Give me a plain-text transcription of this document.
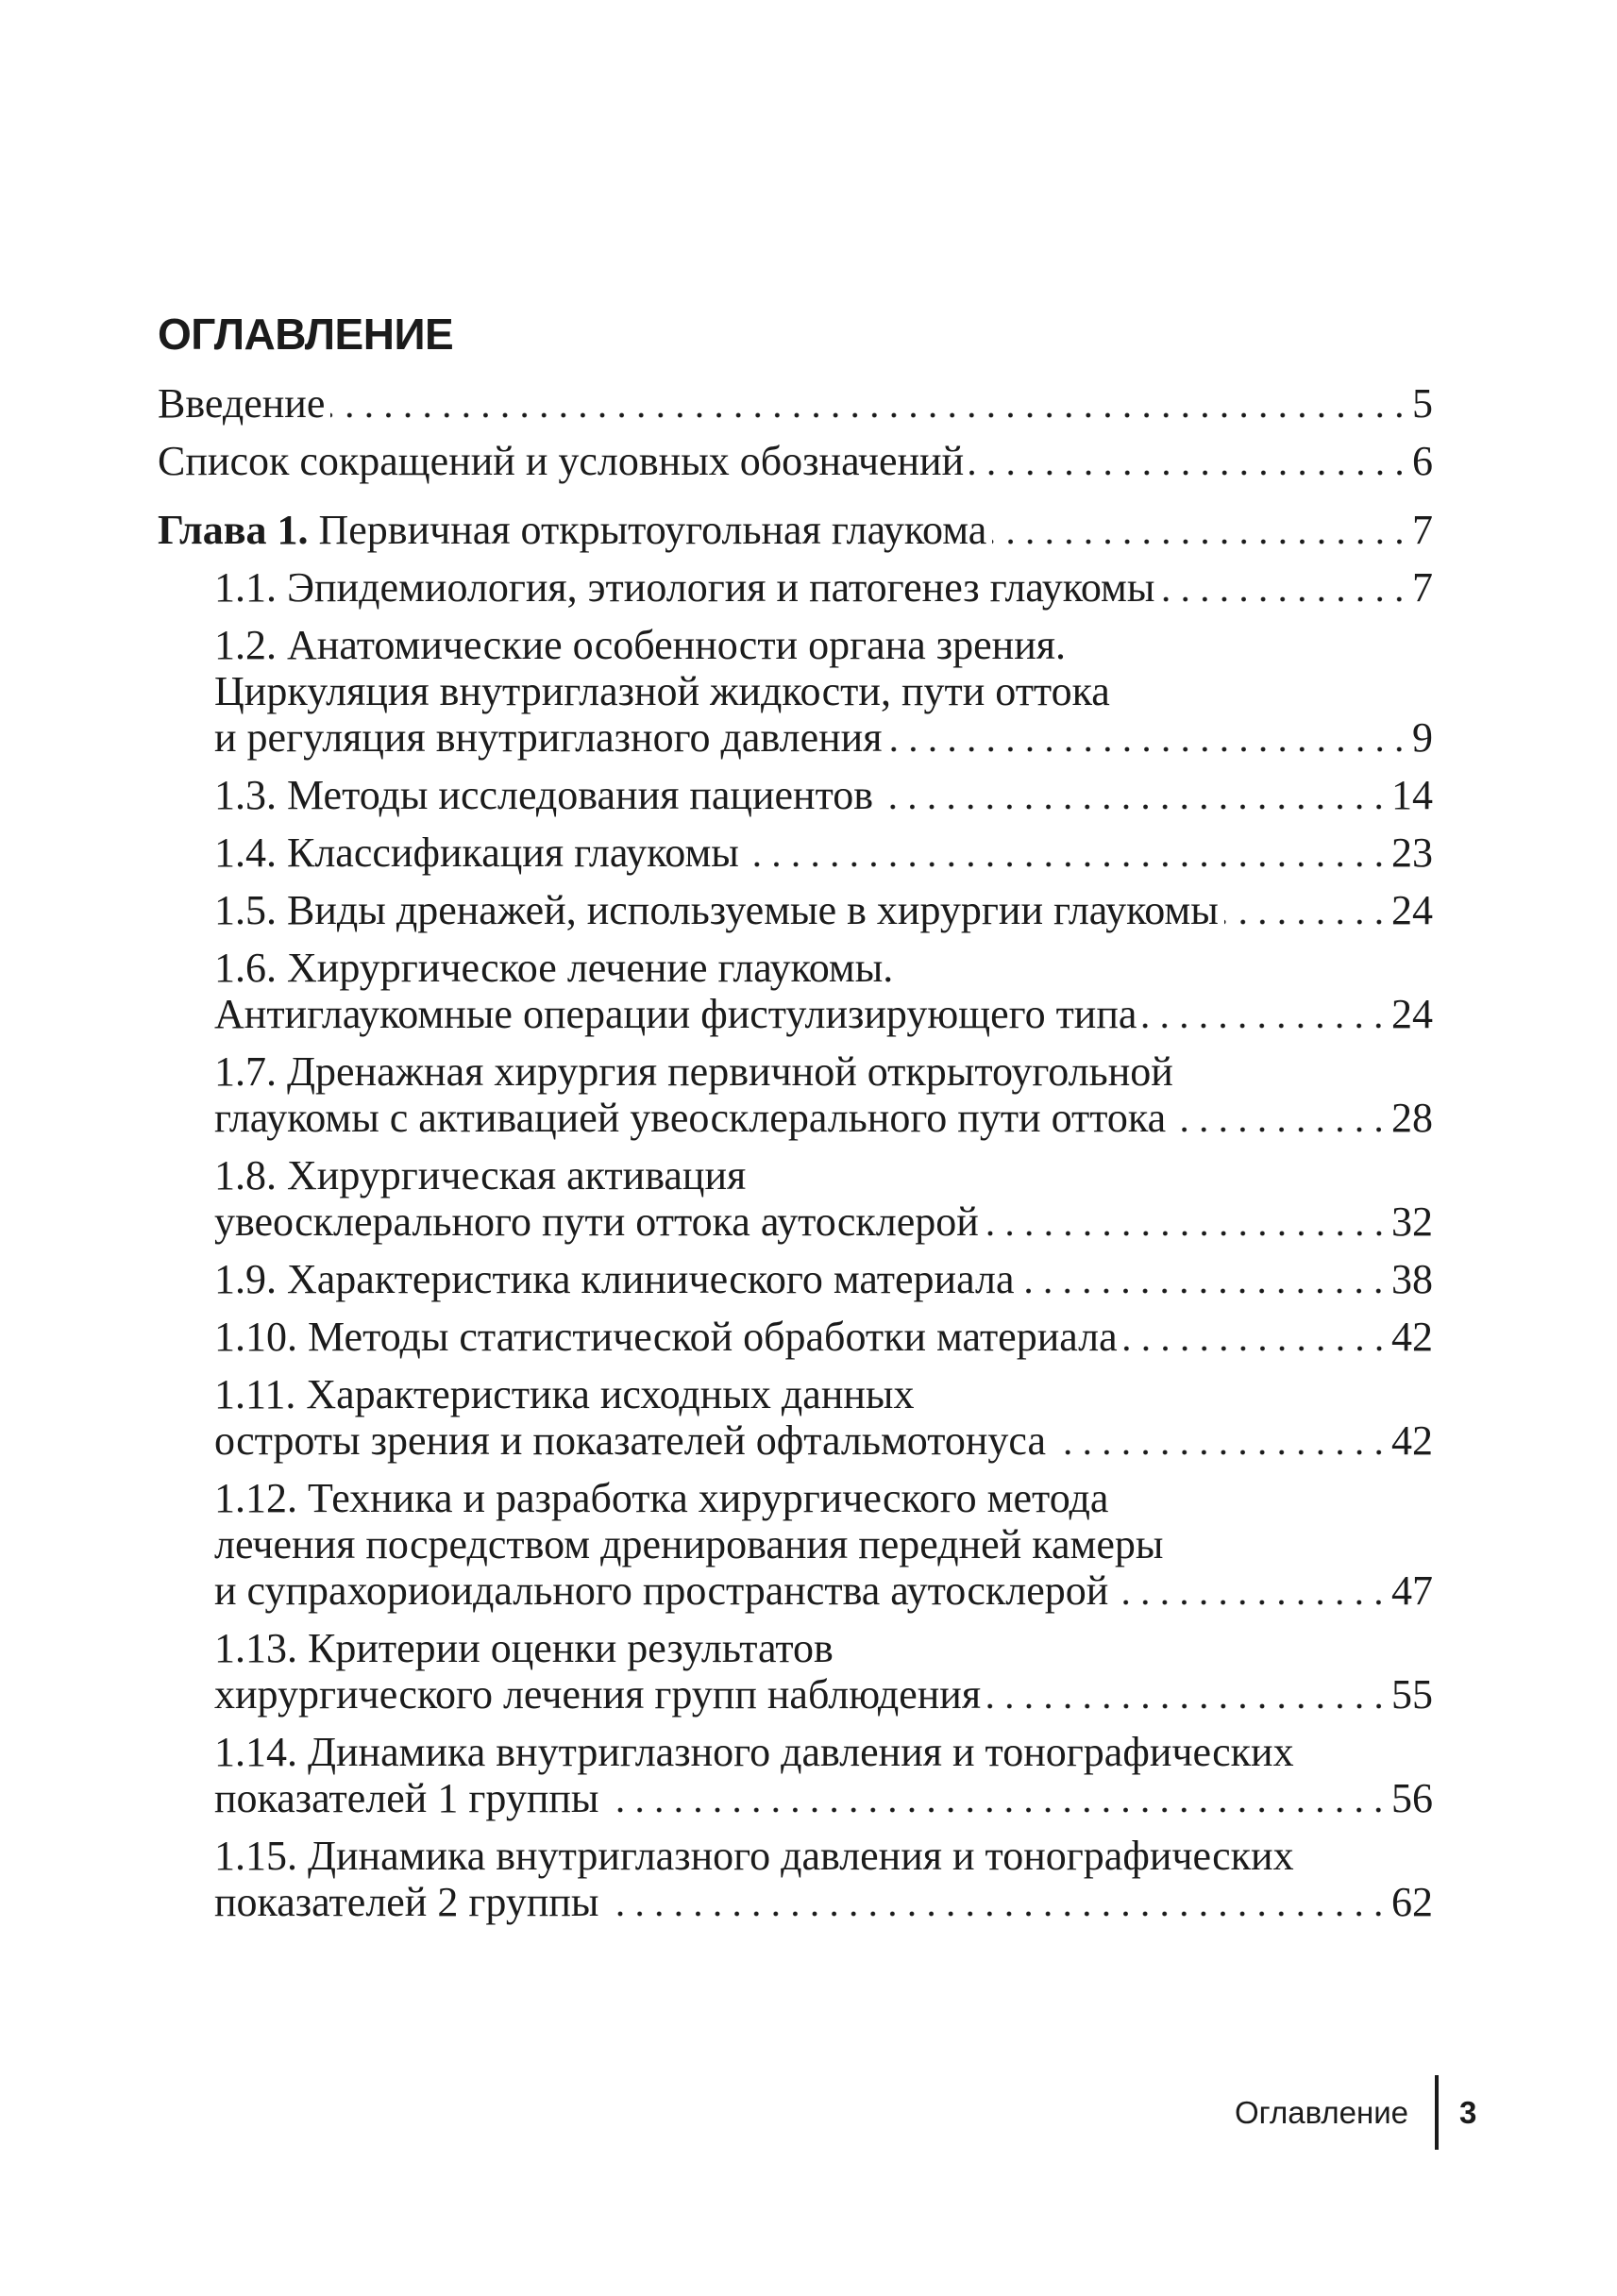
ОГЛАВЛЕНИЕ
Введение	5
Список сокращений и условных обозначений	6
Глава 1.
Первичная открытоугольная глаукома	7
1.1. Эпидемиология, этиология и патогенез глаукомы	7
1.2. Анатомические особенности органа зрения.
Циркуляция внутриглазной жидкости, пути оттока
и регуляция внутриглазного давления	9
1.3. Методы исследования пациентов	14
1.4. Классификация глаукомы	23
1.5. Виды дренажей, используемые в хирургии глаукомы	24
1.6. Хирургическое лечение глаукомы.
Антиглаукомные операции фистулизирующего типа	24
1.7. Дренажная хирургия первичной открытоугольной
глаукомы с активацией увеосклерального пути оттока	28
1.8. Хирургическая активация
увеосклерального пути оттока аутосклерой	32
1.9. Характеристика клинического материала	38
1.10. Методы статистической обработки материала	42
1.11. Характеристика исходных данных
остроты зрения и показателей офтальмотонуса	42
1.12. Техника и разработка хирургического метода
лечения посредством дренирования передней камеры
и супрахориоидального пространства аутосклерой	47
1.13. Критерии оценки результатов
хирургического лечения групп наблюдения	55
1.14. Динамика внутриглазного давления и тонографических
показателей 1 группы	56
1.15. Динамика внутриглазного давления и тонографических
показателей 2 группы	62
Оглавление 3
